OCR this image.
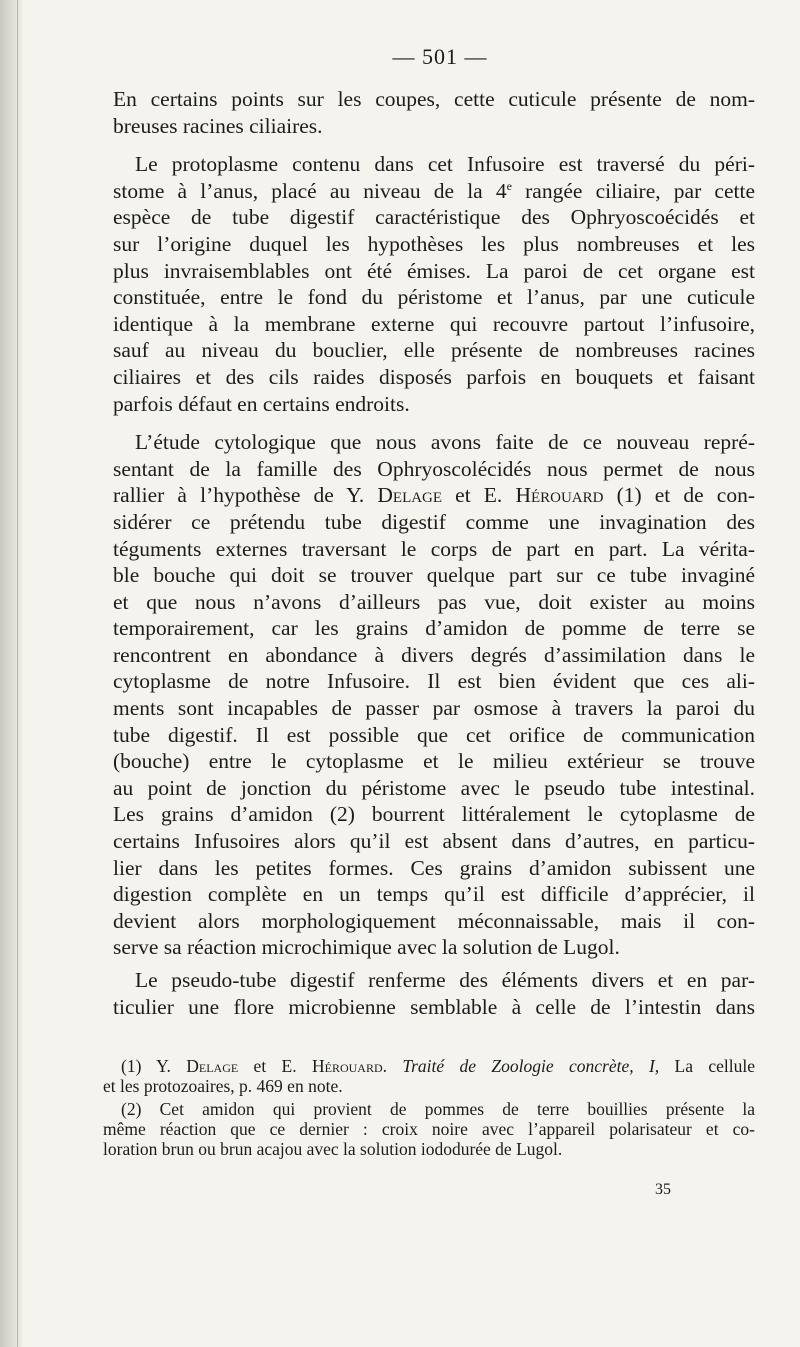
— 501 —
En certains points sur les coupes, cette cuticule présente de nom-
breuses racines ciliaires.
Le protoplasme contenu dans cet Infusoire est traversé du péri-
stome à l’anus, placé au niveau de la 4e rangée ciliaire, par cette
espèce de tube digestif caractéristique des Ophryoscoécidés et
sur l’origine duquel les hypothèses les plus nombreuses et les
plus invraisemblables ont été émises. La paroi de cet organe est
constituée, entre le fond du péristome et l’anus, par une cuticule
identique à la membrane externe qui recouvre partout l’infusoire,
sauf au niveau du bouclier, elle présente de nombreuses racines
ciliaires et des cils raides disposés parfois en bouquets et faisant
parfois défaut en certains endroits.
L’étude cytologique que nous avons faite de ce nouveau repré-
sentant de la famille des Ophryoscolécidés nous permet de nous
rallier à l’hypothèse de Y. Delage et E. Hérouard (1) et de con-
sidérer ce prétendu tube digestif comme une invagination des
téguments externes traversant le corps de part en part. La vérita-
ble bouche qui doit se trouver quelque part sur ce tube invaginé
et que nous n’avons d’ailleurs pas vue, doit exister au moins
temporairement, car les grains d’amidon de pomme de terre se
rencontrent en abondance à divers degrés d’assimilation dans le
cytoplasme de notre Infusoire. Il est bien évident que ces ali-
ments sont incapables de passer par osmose à travers la paroi du
tube digestif. Il est possible que cet orifice de communication
(bouche) entre le cytoplasme et le milieu extérieur se trouve
au point de jonction du péristome avec le pseudo tube intestinal.
Les grains d’amidon (2) bourrent littéralement le cytoplasme de
certains Infusoires alors qu’il est absent dans d’autres, en particu-
lier dans les petites formes. Ces grains d’amidon subissent une
digestion complète en un temps qu’il est difficile d’apprécier, il
devient alors morphologiquement méconnaissable, mais il con-
serve sa réaction microchimique avec la solution de Lugol.
Le pseudo-tube digestif renferme des éléments divers et en par-
ticulier une flore microbienne semblable à celle de l’intestin dans
(1) Y. Delage et E. Hérouard. Traité de Zoologie concrète, I, La cellule
et les protozoaires, p. 469 en note.
(2) Cet amidon qui provient de pommes de terre bouillies présente la
même réaction que ce dernier : croix noire avec l’appareil polarisateur et co-
loration brun ou brun acajou avec la solution iododurée de Lugol.
35
